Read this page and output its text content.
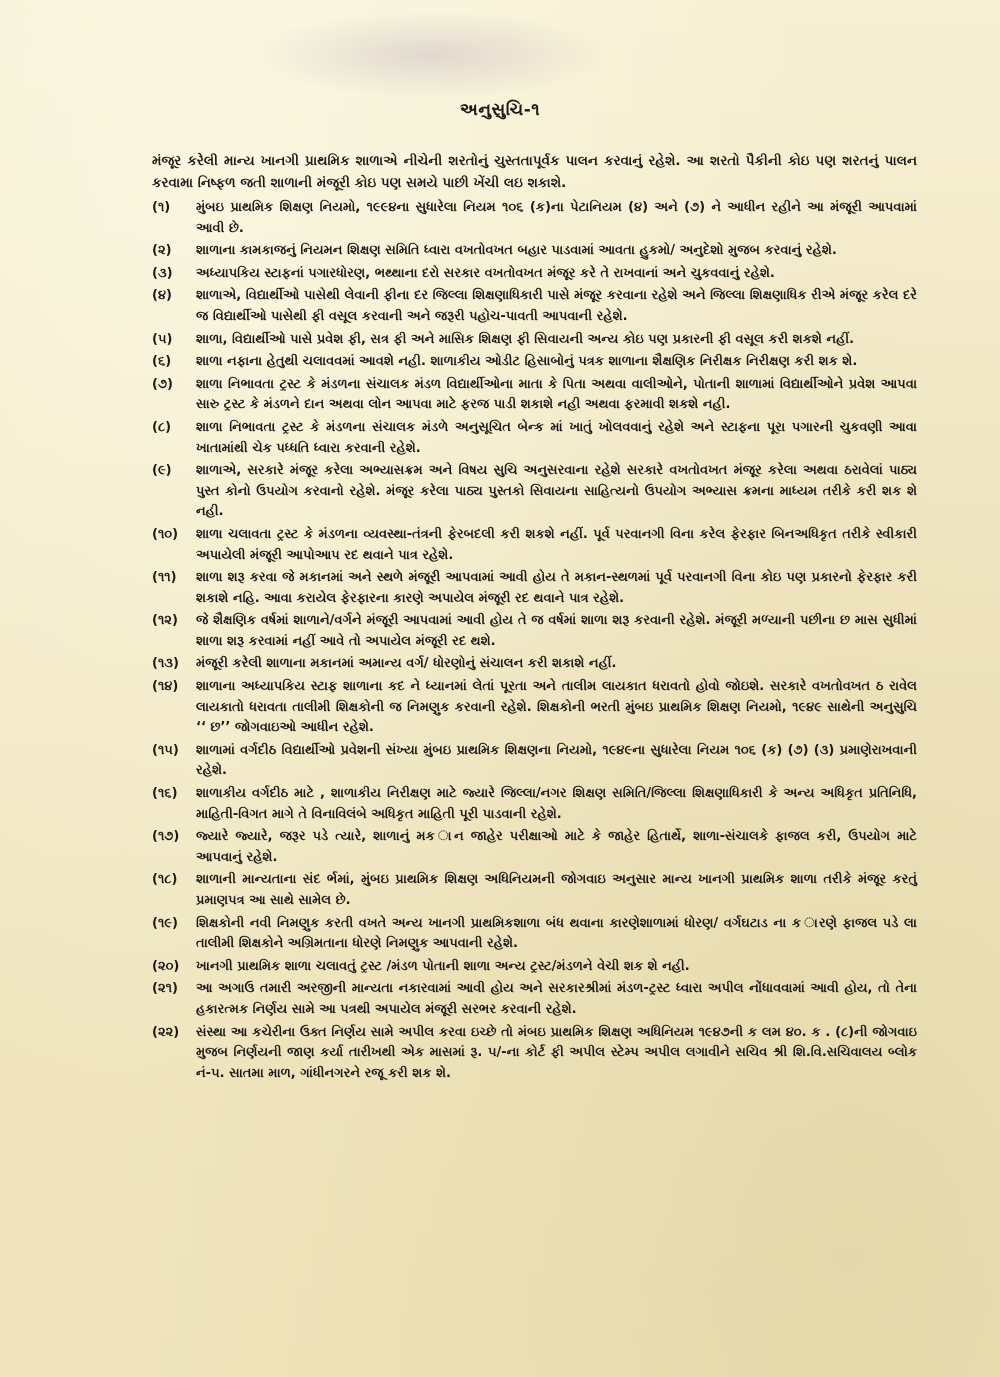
અનુસુચિ-૧
મંજૂર કરેલી માન્ય ખાનગી પ્રાથમિક શાળાએ નીચેની શરતોનું ચુસ્તતાપૂર્વક પાલન કરવાનું રહેશે. આ શરતો પૈકીની કોઇ પણ શરતનું પાલન કરવામા નિષ્ફળ જતી શાળાની મંજૂરી કોઇ પણ સમયે પાછી ખેંચી લઇ શકાશે.
(૧)	મુંબઇ પ્રાથમિક શિક્ષણ નિયમો, ૧૯૯૪ના સુધારેલા નિયમ ૧૦૬ (ક)ના પેટાનિયમ (૪) અને (૭) ને આધીન રહીને આ મંજૂરી આપવામાં આવી છે.
(૨)	શાળાના કામકાજનું નિયમન શિક્ષણ સમિતિ ધ્વારા વખતોવખત બહાર પાડવામાં આવતા હુકમો/ અનુદેશો મુજબ કરવાનું રહેશે.
(૩)	અધ્યાપકિય સ્ટાફનાં પગારધોરણ, ભથ્થાના દરો સરકાર વખતોવખત મંજૂર કરે તે રાખવાનાં અને ચુકવવાનું રહેશે.
(૪)	શાળાએ, વિદ્યાર્થીઓ પાસેથી લેવાની ફીના દર જિલ્લા શિક્ષણાધિકારી પાસે મંજૂર કરવાના રહેશે અને જિલ્લા શિક્ષણાધિક રીએ મંજૂર કરેલ દરે જ વિદ્યાર્થીઓ પાસેથી ફી વસૂલ કરવાની અને જરૂરી પહોચ-પાવતી આપવાની રહેશે.
(૫)	શાળા, વિદ્યાર્થીઓ પાસે પ્રવેશ ફી, સત્ર ફી અને માસિક શિક્ષણ ફી સિવાયની અન્ય કોઇ પણ પ્રકારની ફી વસૂલ કરી શકશે નહીં.
(૬)	શાળા નફાના હેતુથી ચલાવવમાં આવશે નહી. શાળાકીય ઓડીટ હિસાબોનું પત્રક શાળાના શૈક્ષણિક નિરીક્ષક નિરીક્ષણ કરી શક શે.
(૭)	શાળા નિભાવતા ટ્રસ્ટ કે મંડળના સંચાલક મંડળ વિદ્યાર્થીઓના માતા કે પિતા અથવા વાલીઓને, પોતાની શાળામાં વિદ્યાર્થીઓને પ્રવેશ આપવા સારુ ટ્રસ્ટ કે મંડળને દાન અથવા લોન આપવા માટે ફરજ પાડી શકાશે નહી અથવા ફરમાવી શકશે નહી.
(૮)	શાળા નિભાવતા ટ્રસ્ટ કે મંડળના સંચાલક મંડળે અનુસૂચિત બેન્ક માં ખાતું ખોલવવાનું રહેશે અને સ્ટાફના પૂરા પગારની ચુકવણી આવા ખાતામાંથી ચેક પધ્ધતિ ધ્વારા કરવાની રહેશે.
(૯)	શાળાએ, સરકારે મંજૂર કરેલા અભ્યાસક્રમ અને વિષય સુચિ અનુસરવાના રહેશે સરકારે વખતોવખત મંજૂર કરેલા અથવા ઠરાવેલાં પાઠ્ય પુસ્ત કોનો ઉપયોગ કરવાનો રહેશે. મંજૂર કરેલા પાઠ્ય પુસ્તકો સિવાયના સાહિત્યનો ઉપયોગ અભ્યાસ ક્રમના માધ્યમ તરીકે કરી શક શે નહી.
(૧૦)	શાળા ચલાવતા ટ્રસ્ટ કે મંડળના વ્યવસ્થા-તંત્રની ફેરબદલી કરી શકશે નહીં. પૂર્વ પરવાનગી વિના કરેલ ફેરફાર બિનઅધિકૃત તરીકે સ્વીકારી અપાયેલી મંજૂરી આપોઆપ રદ થવાને પાત્ર રહેશે.
(૧૧)	શાળા શરૂ કરવા જે મકાનમાં અને સ્થળે મંજૂરી આપવામાં આવી હોય તે મકાન-સ્થળમાં પૂર્વ પરવાનગી વિના કોઇ પણ પ્રકારનો ફેરફાર કરી શકાશે નહિ. આવા કરાયેલ ફેરફારના કારણે અપાયેલ મંજૂરી રદ થવાને પાત્ર રહેશે.
(૧૨)	જે શૈક્ષણિક વર્ષમાં શાળાને/વર્ગને મંજૂરી આપવામાં આવી હોય તે જ વર્ષમાં શાળા શરૂ કરવાની રહેશે. મંજૂરી મળ્યાની પછીના છ માસ સુધીમાં શાળા શરૂ કરવામાં નહીં આવે તો અપાયેલ મંજૂરી રદ થશે.
(૧૩)	મંજૂરી કરેલી શાળાના મકાનમાં અમાન્ય વર્ગ/ ધોરણોનું સંચાલન કરી શકાશે નહીં.
(૧૪)	શાળાના અધ્યાપકિય સ્ટાફ શાળાના કદ ને ધ્યાનમાં લેતાં પૂરતા અને તાલીમ લાયકાત ધરાવતો હોવો જોઇશે. સરકારે વખતોવખત ઠ રાવેલ લાયકાતો ધરાવતા તાલીમી શિક્ષકોની જ નિમણુક કરવાની રહેશે. શિક્ષકોની ભરતી મુંબઇ પ્રાથમિક શિક્ષણ નિયમો, ૧૯૪૯ સાથેની અનુસુચિ ‘‘ છ’’ જોગવાઇઓ આધીન રહેશે.
(૧૫)	શાળામાં વર્ગદીઠ વિદ્યાર્થીઓ પ્રવેશની સંખ્યા મુંબઇ પ્રાથમિક શિક્ષણના નિયમો, ૧૯૪૯ના સુધારેલા નિયમ ૧૦૬ (ક) (૭) (૩) પ્રમાણેરાખવાની રહેશે.
(૧૬)	શાળાકીય વર્ગદીઠ માટે , શાળાકીય નિરીક્ષણ માટે જ્યારે જિલ્લા/નગર શિક્ષણ સમિતિ/જિલ્લા શિક્ષણાધિકારી કે અન્ય અધિકૃત પ્રતિનિધિ, માહિતી-વિગત માગે તે વિનાવિલંબે અધિકૃત માહિતી પૂરી પાડવાની રહેશે.
(૧૭)	જ્યારે જ્યારે, જરૂર પડે ત્યારે, શાળાનું મક ાન જાહેર પરીક્ષાઓ માટે કે જાહેર હિતાર્થે, શાળા-સંચાલકે ફાજલ કરી, ઉપયોગ માટે આપવાનું રહેશે.
(૧૮)	શાળાની માન્યતાના સંદ ર્ભમાં, મુંબઇ પ્રાથમિક શિક્ષણ અધિનિયમની જોગવાઇ અનુસાર માન્ય ખાનગી પ્રાથમિક શાળા તરીકે મંજૂર કરતું પ્રમાણપત્ર આ સાથે સામેલ છે.
(૧૯)	શિક્ષકોની નવી નિમણુક કરતી વખતે અન્ય ખાનગી પ્રાથમિકશાળા બંધ થવાના કારણેશાળામાં ધોરણ/ વર્ગઘટાડ ના ક ારણે ફાજલ પડે લા તાલીમી શિક્ષકોને અગ્રિમતાના ધોરણે નિમણુક આપવાની રહેશે.
(૨૦)	ખાનગી પ્રાથમિક શાળા ચલાવતું ટ્રસ્ટ /મંડળ પોતાની શાળા અન્ય ટ્રસ્ટ/મંડળને વેચી શક શે નહી.
(૨૧)	આ અગાઉ તમારી અરજીની માન્યતા નકારવામાં આવી હોય અને સરકારશ્રીમાં મંડળ-ટ્રસ્ટ ધ્વારા અપીલ નોંધાવવામાં આવી હોય, તો તેના હકારત્મક નિર્ણય સામે આ પત્રથી અપાયેલ મંજૂરી સરભર કરવાની રહેશે.
(૨૨)	સંસ્થા આ કચેરીના ઉક્ત નિર્ણય સામે અપીલ કરવા ઇચ્છે તો મંબઇ પ્રાથમિક શિક્ષણ અધિનિયમ ૧૯૪૭ની ક લમ ૪૦. ક . (૮)ની જોગવાઇ મુજબ નિર્ણયની જાણ કર્યા તારીખથી એક માસમાં રૂ. ૫/-ના કોર્ટ ફી અપીલ સ્ટેમ્પ અપીલ લગાવીને સચિવ શ્રી શિ.વિ.સચિવાલય બ્લોક નં-૫. સાતમા માળ, ગાંધીનગરને રજૂ કરી શક શે.
